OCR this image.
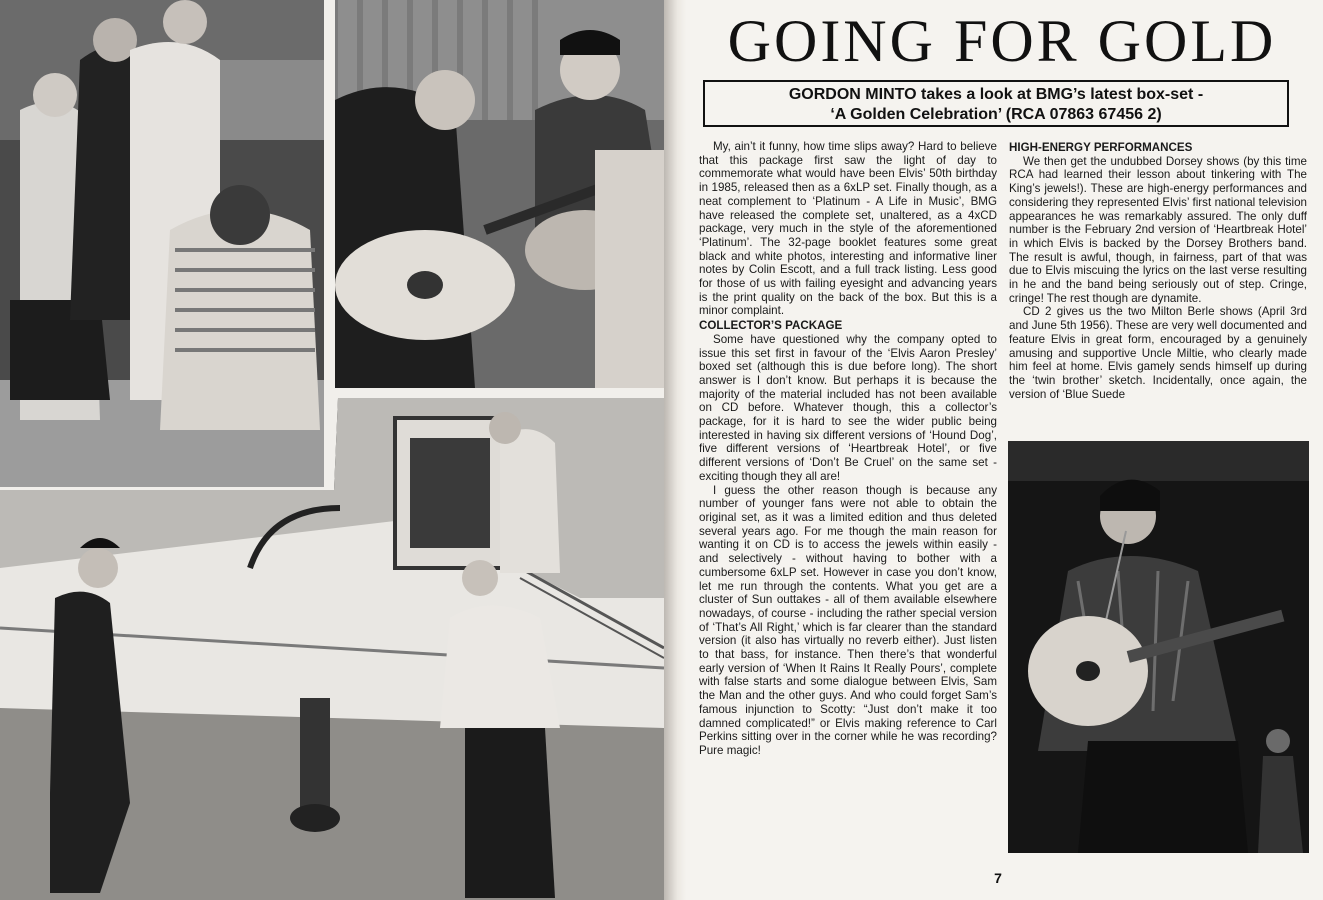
GOING FOR GOLD
GORDON MINTO takes a look at BMG’s latest box-set -
‘A Golden Celebration’ (RCA 07863 67456 2)

My, ain’t it funny, how time slips away? Hard to believe that this package first saw the light of day to commemorate what would have been Elvis’ 50th birthday in 1985, released then as a 6xLP set. Finally though, as a neat complement to ‘Platinum - A Life in Music’, BMG have released the complete set, unaltered, as a 4xCD package, very much in the style of the aforementioned ‘Platinum’. The 32-page booklet features some great black and white photos, interesting and informative liner notes by Colin Escott, and a full track listing. Less good for those of us with failing eyesight and advancing years is the print quality on the back of the box. But this is a minor complaint.

COLLECTOR’S PACKAGE

Some have questioned why the company opted to issue this set first in favour of the ‘Elvis Aaron Presley’ boxed set (although this is due before long). The short answer is I don’t know. But perhaps it is because the majority of the material included has not been available on CD before. Whatever though, this a collector’s package, for it is hard to see the wider public being interested in having six different versions of ‘Hound Dog’, five different versions of ‘Heartbreak Hotel’, or five different versions of ‘Don’t Be Cruel’ on the same set - exciting though they all are!

I guess the other reason though is because any number of younger fans were not able to obtain the original set, as it was a limited edition and thus deleted several years ago. For me though the main reason for wanting it on CD is to access the jewels within easily - and selectively - without having to bother with a cumbersome 6xLP set. However in case you don’t know, let me run through the contents. What you get are a cluster of Sun outtakes - all of them available elsewhere nowadays, of course - including the rather special version of ‘That’s All Right,’ which is far clearer than the standard version (it also has virtually no reverb either). Just listen to that bass, for instance. Then there’s that wonderful early version of ‘When It Rains It Really Pours’, complete with false starts and some dialogue between Elvis, Sam the Man and the other guys. And who could forget Sam’s famous injunction to Scotty: “Just don’t make it too damned complicated!” or Elvis making reference to Carl Perkins sitting over in the corner while he was recording? Pure magic!

HIGH-ENERGY PERFORMANCES

We then get the undubbed Dorsey shows (by this time RCA had learned their lesson about tinkering with The King’s jewels!). These are high-energy performances and considering they represented Elvis’ first national television appearances he was remarkably assured. The only duff number is the February 2nd version of ‘Heartbreak Hotel’ in which Elvis is backed by the Dorsey Brothers band. The result is awful, though, in fairness, part of that was due to Elvis miscuing the lyrics on the last verse resulting in he and the band being seriously out of step. Cringe, cringe! The rest though are dynamite.

CD 2 gives us the two Milton Berle shows (April 3rd and June 5th 1956). These are very well documented and feature Elvis in great form, encouraged by a genuinely amusing and supportive Uncle Miltie, who clearly made him feel at home. Elvis gamely sends himself up during the ‘twin brother’ sketch. Incidentally, once again, the version of ‘Blue Suede

7
